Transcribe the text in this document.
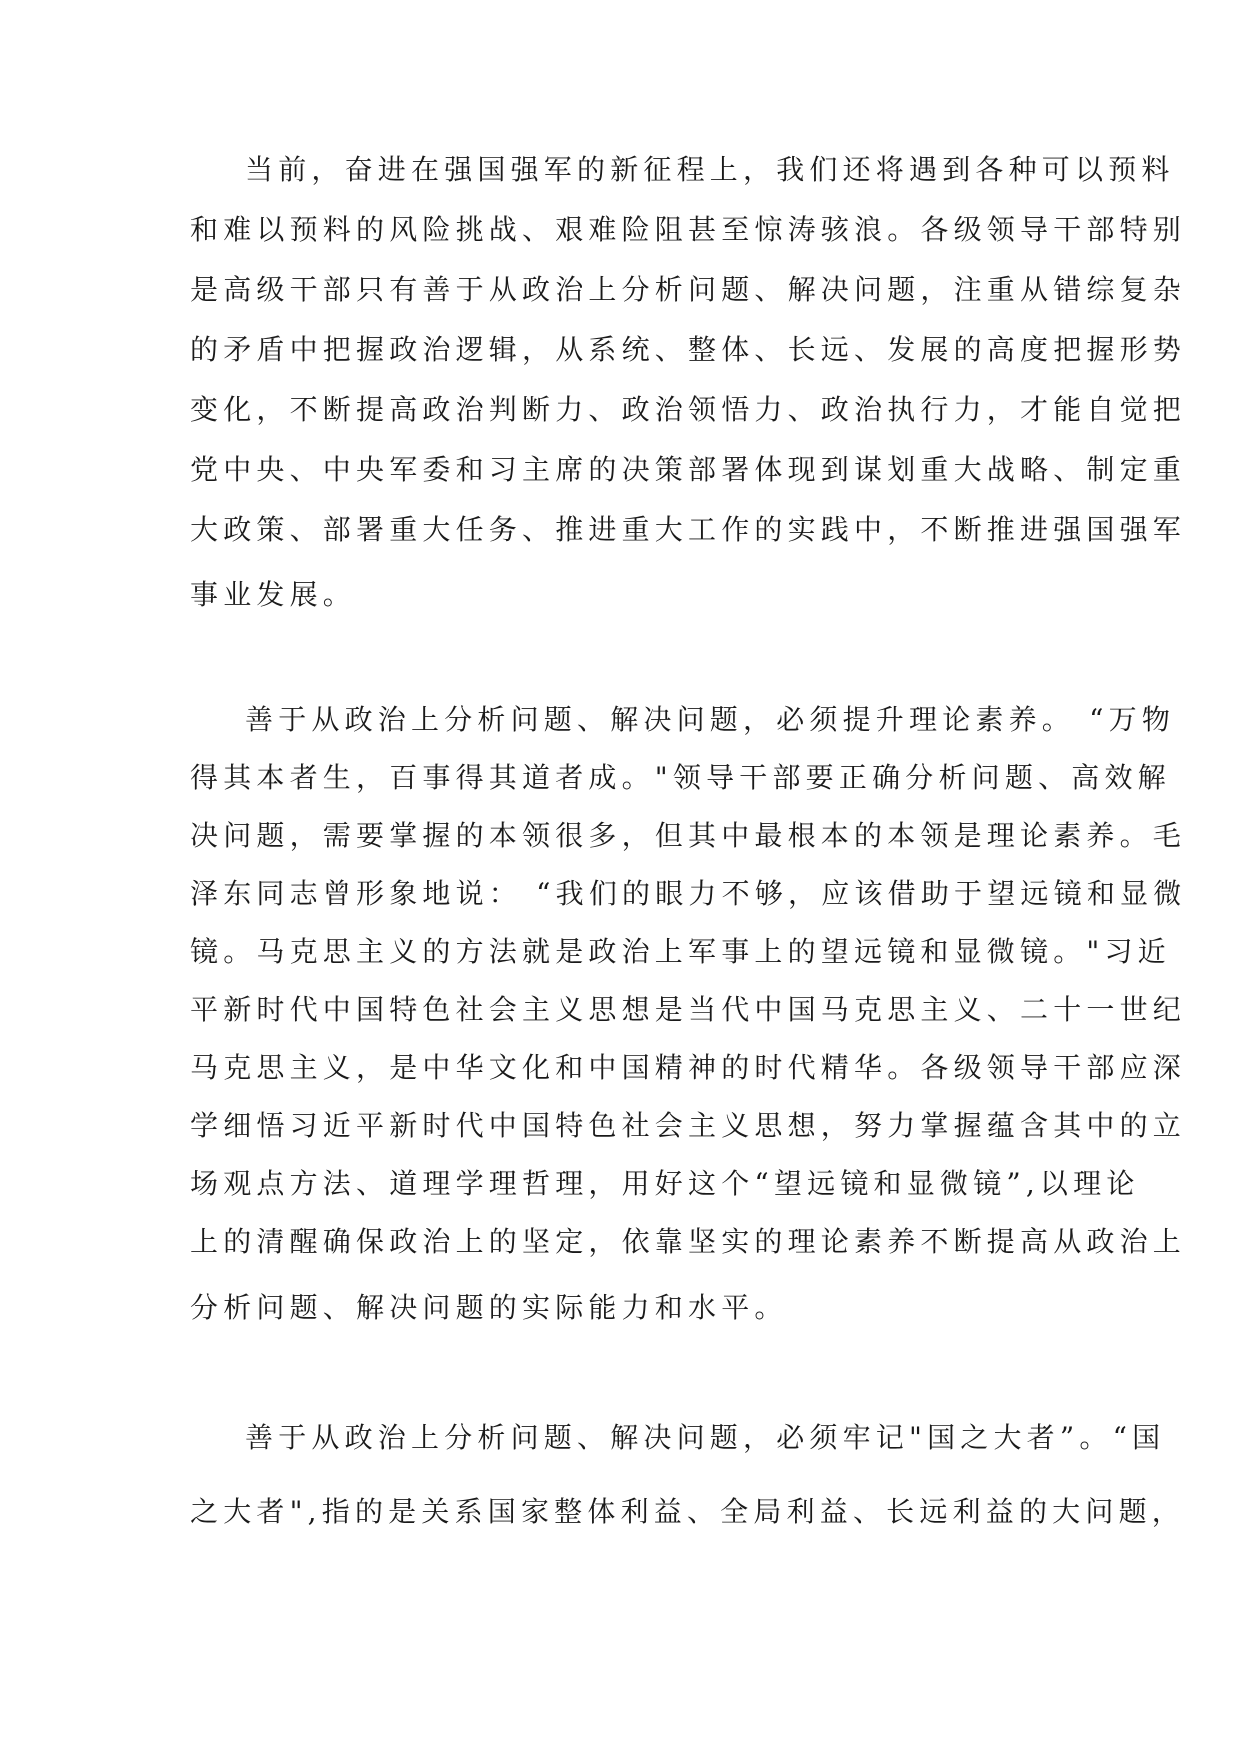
当前，奋进在强国强军的新征程上，我们还将遇到各种可以预料
和难以预料的风险挑战、艰难险阻甚至惊涛骇浪。各级领导干部特别
是高级干部只有善于从政治上分析问题、解决问题，注重从错综复杂
的矛盾中把握政治逻辑，从系统、整体、长远、发展的高度把握形势
变化，不断提高政治判断力、政治领悟力、政治执行力，才能自觉把
党中央、中央军委和习主席的决策部署体现到谋划重大战略、制定重
大政策、部署重大任务、推进重大工作的实践中，不断推进强国强军
事业发展。
善于从政治上分析问题、解决问题，必须提升理论素养。 “万物
得其本者生，百事得其道者成。"领导干部要正确分析问题、高效解
决问题，需要掌握的本领很多，但其中最根本的本领是理论素养。毛
泽东同志曾形象地说： “我们的眼力不够，应该借助于望远镜和显微
镜。马克思主义的方法就是政治上军事上的望远镜和显微镜。"习近
平新时代中国特色社会主义思想是当代中国马克思主义、二十一世纪
马克思主义，是中华文化和中国精神的时代精华。各级领导干部应深
学细悟习近平新时代中国特色社会主义思想，努力掌握蕴含其中的立
场观点方法、道理学理哲理，用好这个“望远镜和显微镜”,以理论
上的清醒确保政治上的坚定，依靠坚实的理论素养不断提高从政治上
分析问题、解决问题的实际能力和水平。
善于从政治上分析问题、解决问题，必须牢记"国之大者”。“国
之大者",指的是关系国家整体利益、全局利益、长远利益的大问题，
